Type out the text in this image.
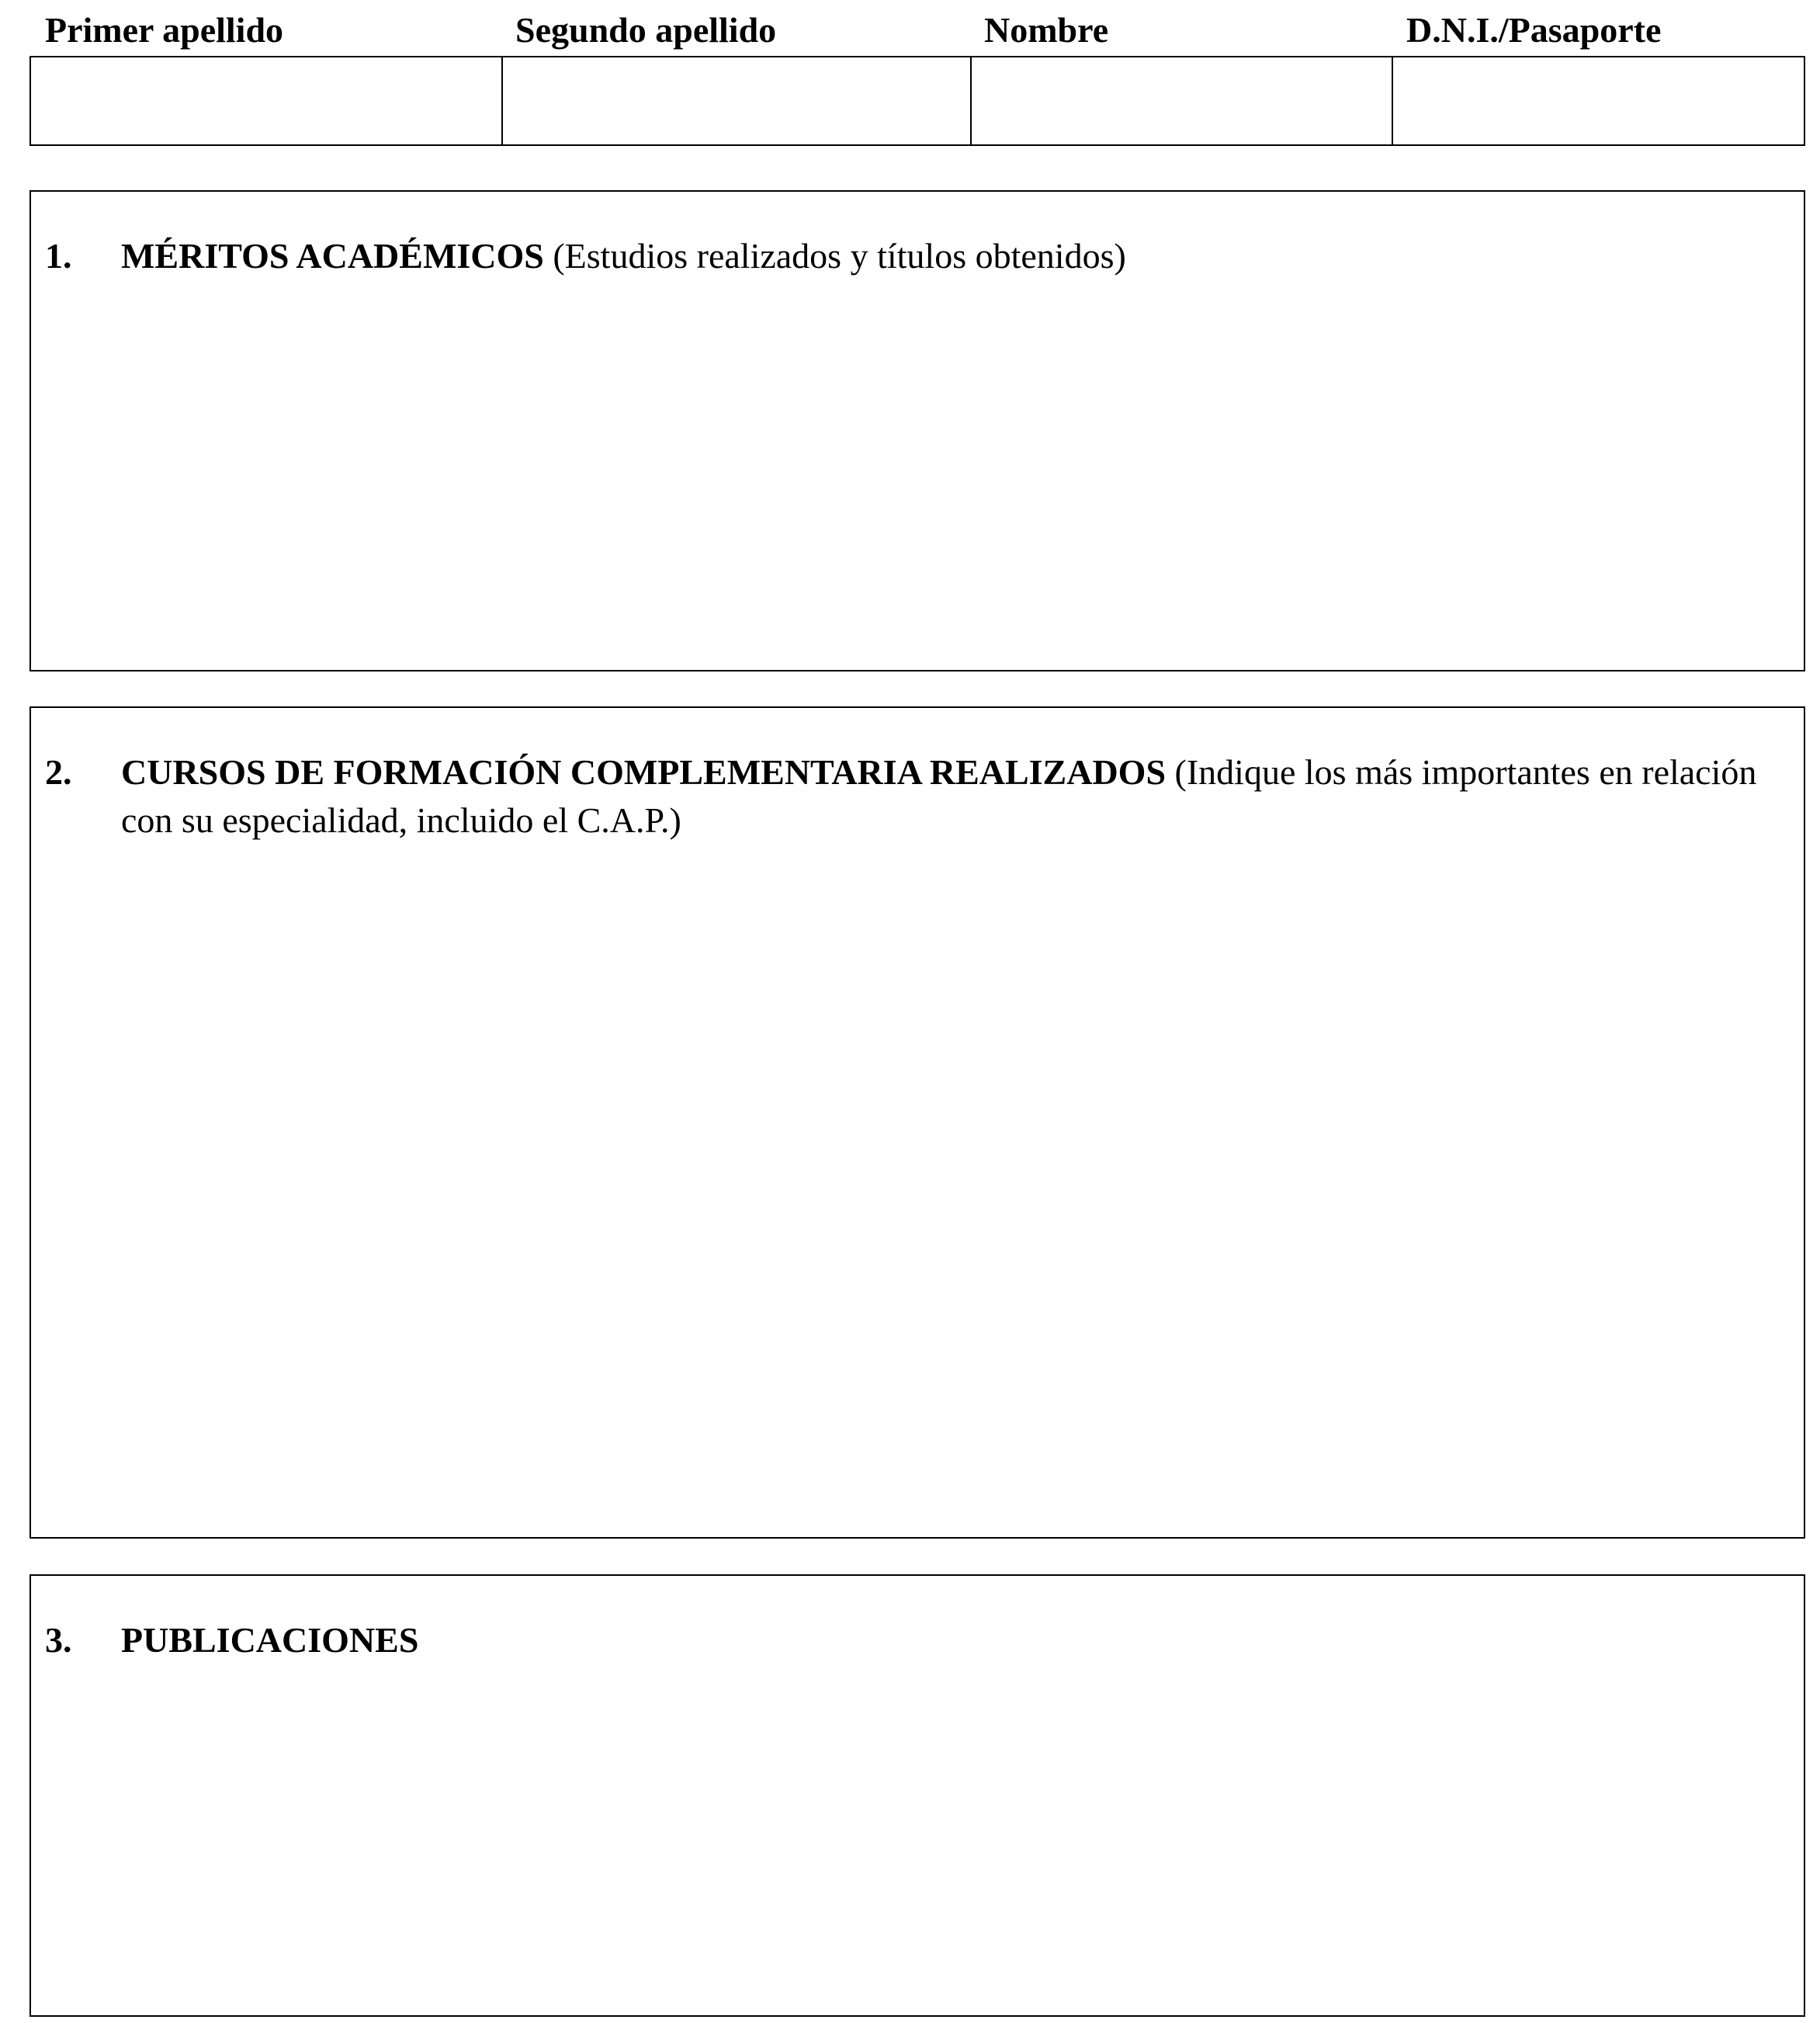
Primer apellido	Segundo apellido	Nombre	D.N.I./Pasaporte
1. MÉRITOS ACADÉMICOS (Estudios realizados y títulos obtenidos)
2. CURSOS DE FORMACIÓN COMPLEMENTARIA REALIZADOS (Indique los más importantes en relación con su especialidad, incluido el C.A.P.)
3. PUBLICACIONES
